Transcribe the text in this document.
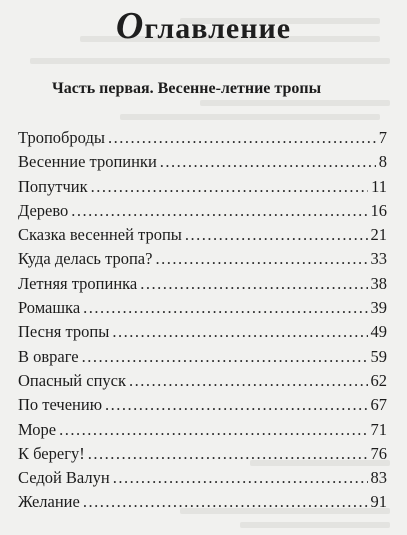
Оглавление
Часть первая. Весенне-летние тропы
Тропоброды .....	7
Весенние тропинки .....	8
Попутчик .....	11
Дерево .....	16
Сказка весенней тропы .....	21
Куда делась тропа? .....	33
Летняя тропинка .....	38
Ромашка .....	39
Песня тропы .....	49
В овраге .....	59
Опасный спуск .....	62
По течению .....	67
Море .....	71
К берегу! .....	76
Седой Валун .....	83
Желание .....	91
